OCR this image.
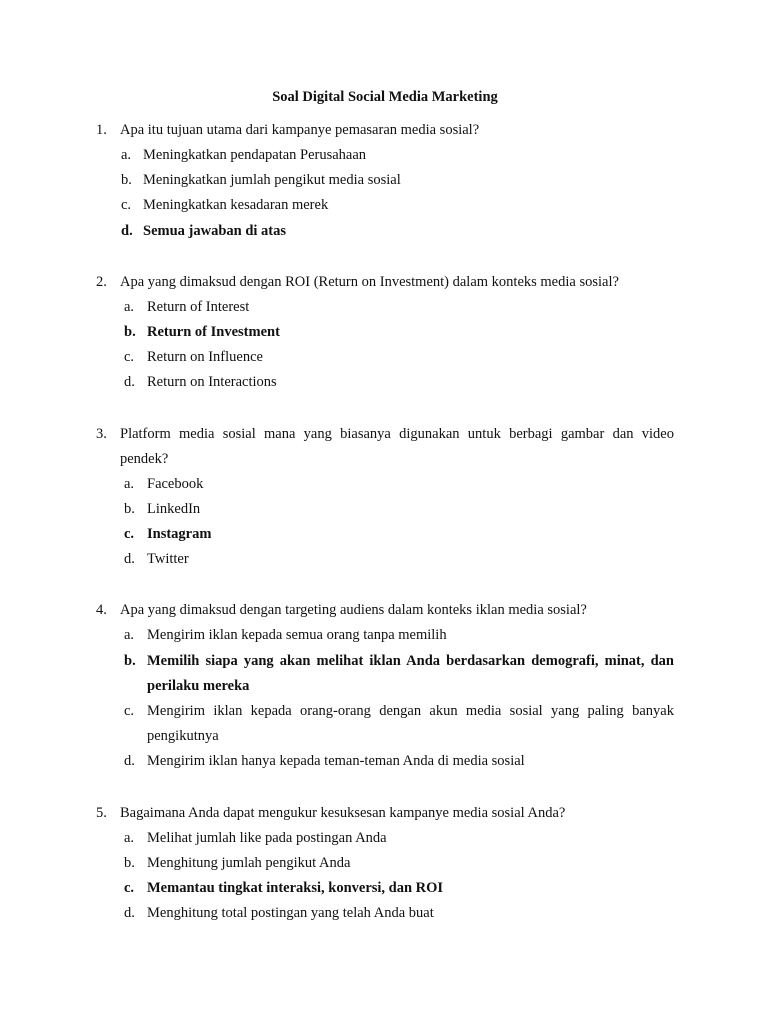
Soal Digital Social Media Marketing
1. Apa itu tujuan utama dari kampanye pemasaran media sosial?
a. Meningkatkan pendapatan Perusahaan
b. Meningkatkan jumlah pengikut media sosial
c. Meningkatkan kesadaran merek
d. Semua jawaban di atas
2. Apa yang dimaksud dengan ROI (Return on Investment) dalam konteks media sosial?
a. Return of Interest
b. Return of Investment
c. Return on Influence
d. Return on Interactions
3. Platform media sosial mana yang biasanya digunakan untuk berbagi gambar dan video pendek?
a. Facebook
b. LinkedIn
c. Instagram
d. Twitter
4. Apa yang dimaksud dengan targeting audiens dalam konteks iklan media sosial?
a. Mengirim iklan kepada semua orang tanpa memilih
b. Memilih siapa yang akan melihat iklan Anda berdasarkan demografi, minat, dan perilaku mereka
c. Mengirim iklan kepada orang-orang dengan akun media sosial yang paling banyak pengikutnya
d. Mengirim iklan hanya kepada teman-teman Anda di media sosial
5. Bagaimana Anda dapat mengukur kesuksesan kampanye media sosial Anda?
a. Melihat jumlah like pada postingan Anda
b. Menghitung jumlah pengikut Anda
c. Memantau tingkat interaksi, konversi, dan ROI
d. Menghitung total postingan yang telah Anda buat
